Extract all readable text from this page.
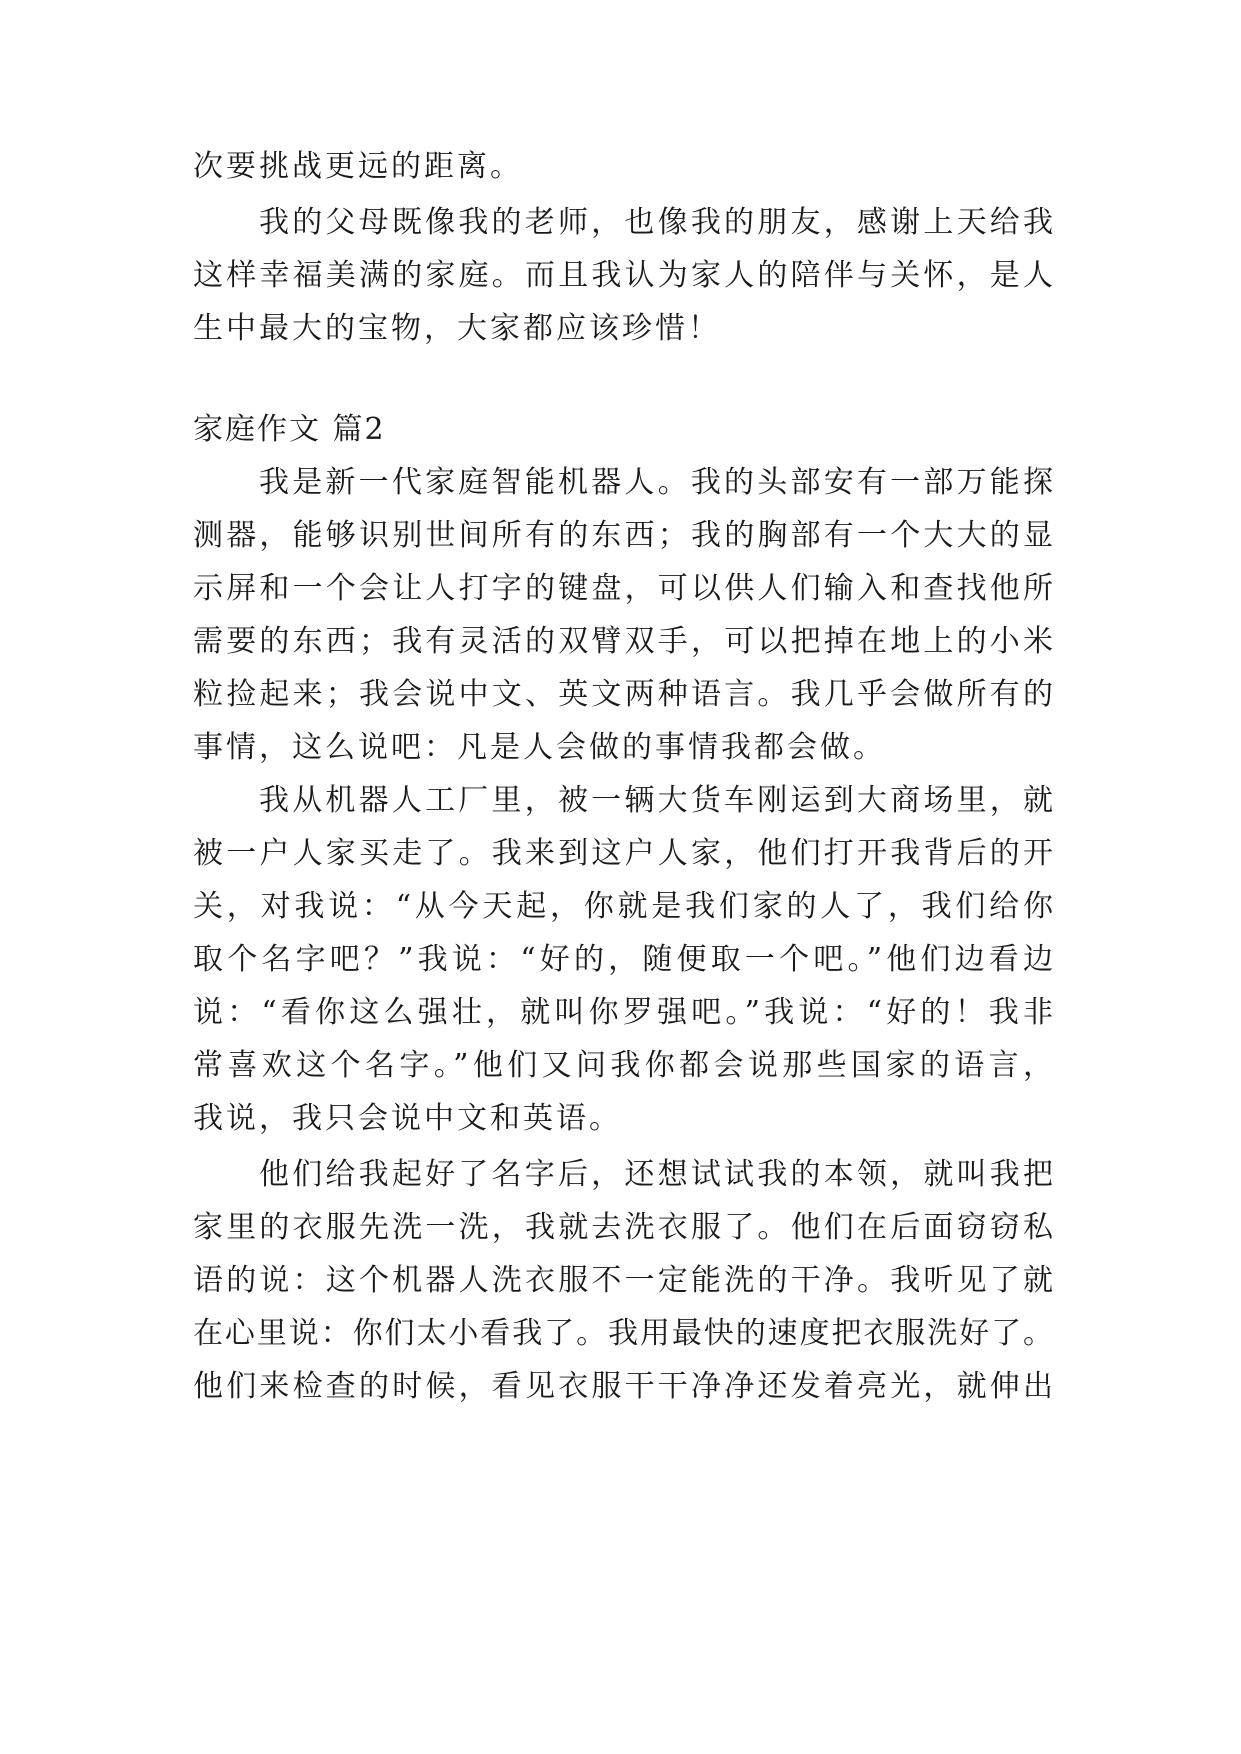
次要挑战更远的距离。
我的父母既像我的老师，也像我的朋友，感谢上天给我
这样幸福美满的家庭。而且我认为家人的陪伴与关怀，是人
生中最大的宝物，大家都应该珍惜！
家庭作文 篇2
我是新一代家庭智能机器人。我的头部安有一部万能探
测器，能够识别世间所有的东西；我的胸部有一个大大的显
示屏和一个会让人打字的键盘，可以供人们输入和查找他所
需要的东西；我有灵活的双臂双手，可以把掉在地上的小米
粒捡起来；我会说中文、英文两种语言。我几乎会做所有的
事情，这么说吧：凡是人会做的事情我都会做。
我从机器人工厂里，被一辆大货车刚运到大商场里，就
被一户人家买走了。我来到这户人家，他们打开我背后的开
关，对我说：“从今天起，你就是我们家的人了，我们给你
取个名字吧？”我说：“好的，随便取一个吧。”他们边看边
说：“看你这么强壮，就叫你罗强吧。”我说：“好的！我非
常喜欢这个名字。”他们又问我你都会说那些国家的语言，
我说，我只会说中文和英语。
他们给我起好了名字后，还想试试我的本领，就叫我把
家里的衣服先洗一洗，我就去洗衣服了。他们在后面窃窃私
语的说：这个机器人洗衣服不一定能洗的干净。我听见了就
在心里说：你们太小看我了。我用最快的速度把衣服洗好了。
他们来检查的时候，看见衣服干干净净还发着亮光，就伸出
